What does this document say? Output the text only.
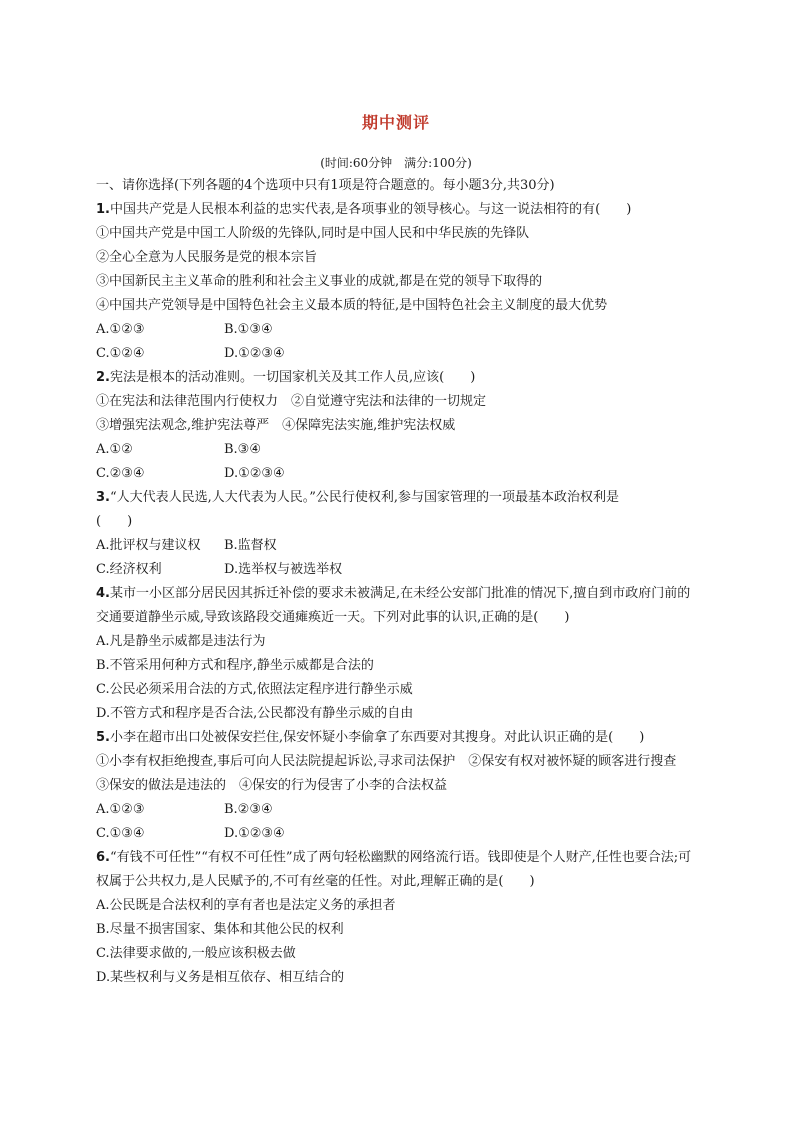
期中测评
(时间:60分钟　满分:100分)
一、请你选择(下列各题的4个选项中只有1项是符合题意的。每小题3分,共30分)
1.中国共产党是人民根本利益的忠实代表,是各项事业的领导核心。与这一说法相符的有(　　)
①中国共产党是中国工人阶级的先锋队,同时是中国人民和中华民族的先锋队
②全心全意为人民服务是党的根本宗旨
③中国新民主主义革命的胜利和社会主义事业的成就,都是在党的领导下取得的
④中国共产党领导是中国特色社会主义最本质的特征,是中国特色社会主义制度的最大优势
A.①②③	B.①③④
C.①②④	D.①②③④
2.宪法是根本的活动准则。一切国家机关及其工作人员,应该(　　)
①在宪法和法律范围内行使权力　②自觉遵守宪法和法律的一切规定
③增强宪法观念,维护宪法尊严　④保障宪法实施,维护宪法权威
A.①②	B.③④
C.②③④	D.①②③④
3.“人大代表人民选,人大代表为人民。”公民行使权利,参与国家管理的一项最基本政治权利是
(　　)
A.批评权与建议权	B.监督权
C.经济权利	D.选举权与被选举权
4.某市一小区部分居民因其拆迁补偿的要求未被满足,在未经公安部门批准的情况下,擅自到市政府门前的交通要道静坐示威,导致该路段交通瘫痪近一天。下列对此事的认识,正确的是(　　)
A.凡是静坐示威都是违法行为
B.不管采用何种方式和程序,静坐示威都是合法的
C.公民必须采用合法的方式,依照法定程序进行静坐示威
D.不管方式和程序是否合法,公民都没有静坐示威的自由
5.小李在超市出口处被保安拦住,保安怀疑小李偷拿了东西要对其搜身。对此认识正确的是(　　)
①小李有权拒绝搜查,事后可向人民法院提起诉讼,寻求司法保护　②保安有权对被怀疑的顾客进行搜查　③保安的做法是违法的　④保安的行为侵害了小李的合法权益
A.①②③	B.②③④
C.①③④	D.①②③④
6.“有钱不可任性”“有权不可任性”成了两句轻松幽默的网络流行语。钱即使是个人财产,任性也要合法;可权属于公共权力,是人民赋予的,不可有丝毫的任性。对此,理解正确的是(　　)
A.公民既是合法权利的享有者也是法定义务的承担者
B.尽量不损害国家、集体和其他公民的权利
C.法律要求做的,一般应该积极去做
D.某些权利与义务是相互依存、相互结合的
